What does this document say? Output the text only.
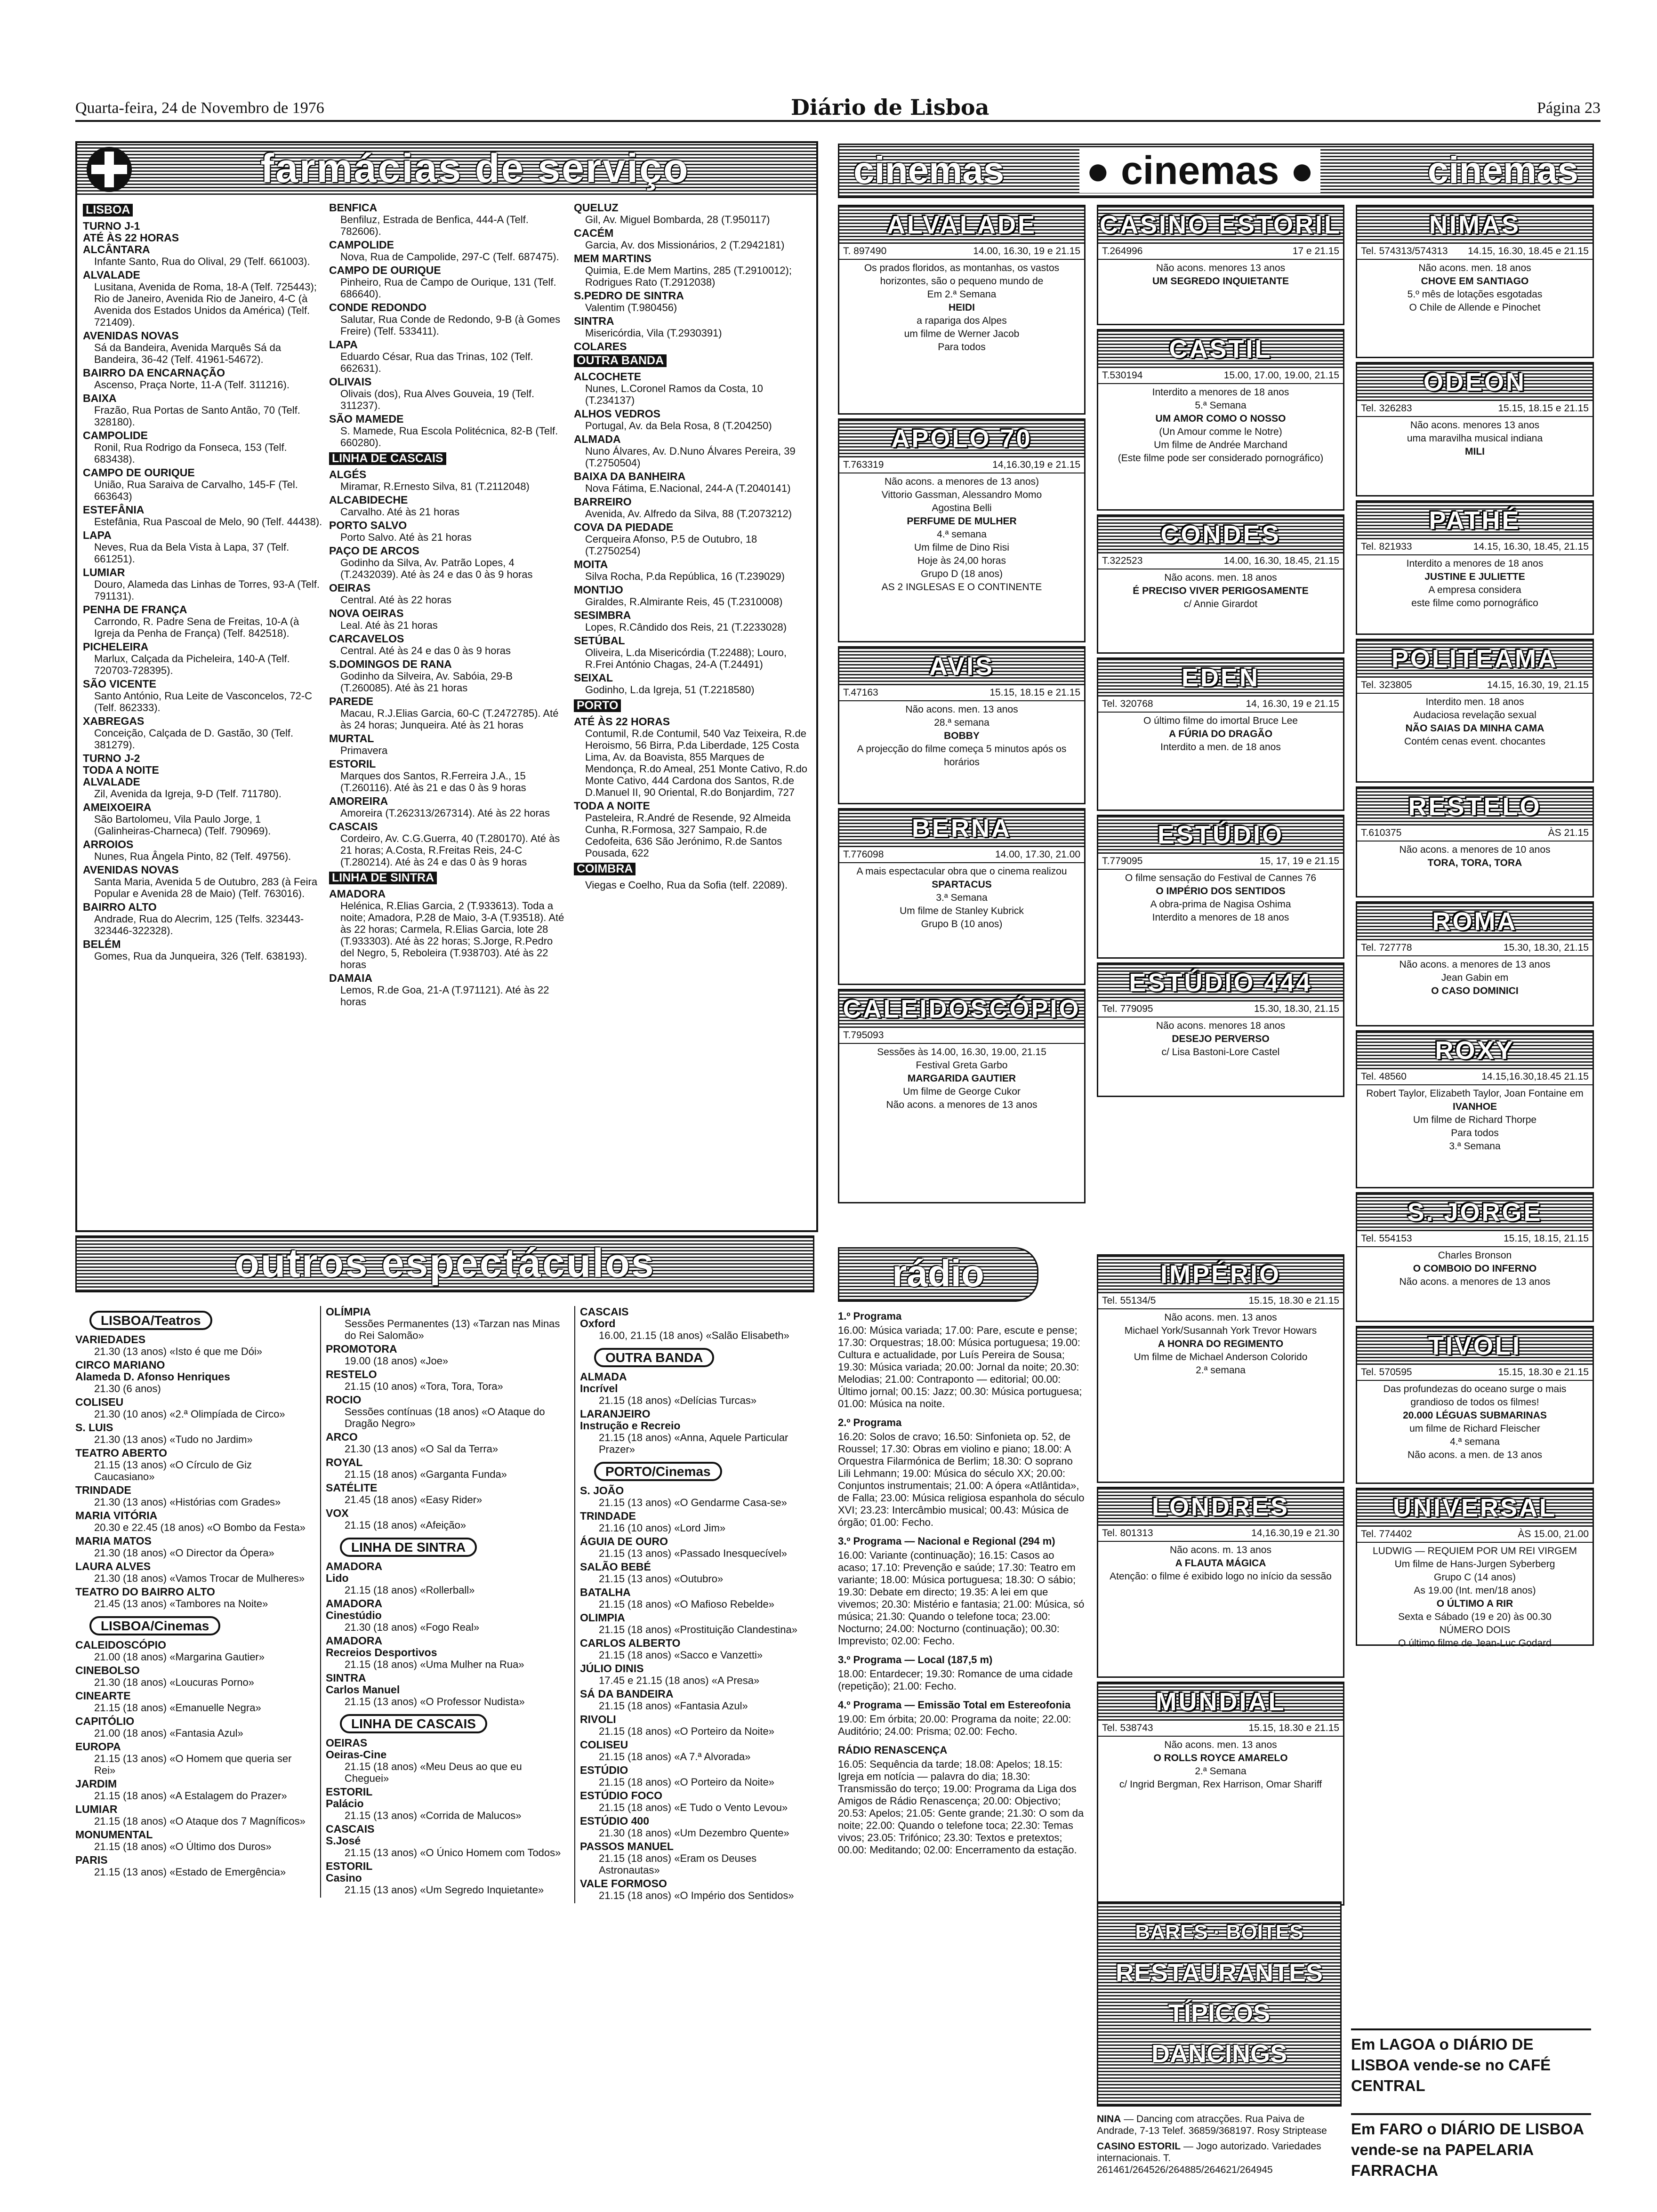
Quarta-feira, 24 de Novembro de 1976	Diário de Lisboa	Página 23
farmácias de serviço
LISBOA
TURNO J-1
ATÉ ÀS 22 HORAS
ALCÂNTARA
Infante Santo, Rua do Olival, 29 (Telf. 661003).
ALVALADE
Lusitana, Avenida de Roma, 18-A (Telf. 725443); Rio de Janeiro, Avenida Rio de Janeiro, 4-C (à Avenida dos Estados Unidos da América) (Telf. 721409).
AVENIDAS NOVAS
Sá da Bandeira, Avenida Marquês Sá da Bandeira, 36-42 (Telf. 41961-54672).
BAIRRO DA ENCARNAÇÃO
Ascenso, Praça Norte, 11-A (Telf. 311216).
BAIXA
Frazão, Rua Portas de Santo Antão, 70 (Telf. 328180).
CAMPOLIDE
Ronil, Rua Rodrigo da Fonseca, 153 (Telf. 683438).
CAMPO DE OURIQUE
União, Rua Saraiva de Carvalho, 145-F (Tel. 663643)
ESTEFÂNIA
Estefânia, Rua Pascoal de Melo, 90 (Telf. 44438).
LAPA
Neves, Rua da Bela Vista à Lapa, 37 (Telf. 661251).
LUMIAR
Douro, Alameda das Linhas de Torres, 93-A (Telf. 791131).
PENHA DE FRANÇA
Carrondo, R. Padre Sena de Freitas, 10-A (à Igreja da Penha de França) (Telf. 842518).
PICHELEIRA
Marlux, Calçada da Picheleira, 140-A (Telf. 720703-728395).
SÃO VICENTE
Santo António, Rua Leite de Vasconcelos, 72-C (Telf. 862333).
XABREGAS
Conceição, Calçada de D. Gastão, 30 (Telf. 381279).
TURNO J-2
TODA A NOITE
ALVALADE
Zil, Avenida da Igreja, 9-D (Telf. 711780).
AMEIXOEIRA
São Bartolomeu, Vila Paulo Jorge, 1 (Galinheiras-Charneca) (Telf. 790969).
ARROIOS
Nunes, Rua Ângela Pinto, 82 (Telf. 49756).
AVENIDAS NOVAS
Santa Maria, Avenida 5 de Outubro, 283 (à Feira Popular e Avenida 28 de Maio) (Telf. 763016).
BAIRRO ALTO
Andrade, Rua do Alecrim, 125 (Telfs. 323443-323446-322328).
BELÉM
Gomes, Rua da Junqueira, 326 (Telf. 638193).
BENFICA
Benfiluz, Estrada de Benfica, 444-A (Telf. 782606).
CAMPOLIDE
Nova, Rua de Campolide, 297-C (Telf. 687475).
CAMPO DE OURIQUE
Pinheiro, Rua de Campo de Ourique, 131 (Telf. 686640).
CONDE REDONDO
Salutar, Rua Conde de Redondo, 9-B (à Gomes Freire) (Telf. 533411).
LAPA
Eduardo César, Rua das Trinas, 102 (Telf. 662631).
OLIVAIS
Olivais (dos), Rua Alves Gouveia, 19 (Telf. 311237).
SÃO MAMEDE
S. Mamede, Rua Escola Politécnica, 82-B (Telf. 660280).
LINHA DE CASCAIS
ALGÉS
Miramar, R.Ernesto Silva, 81 (T.2112048)
ALCABIDECHE
Carvalho. Até às 21 horas
PORTO SALVO
Porto Salvo. Até às 21 horas
PAÇO DE ARCOS
Godinho da Silva, Av. Patrão Lopes, 4 (T.2432039). Até às 24 e das 0 às 9 horas
OEIRAS
Central. Até às 22 horas
NOVA OEIRAS
Leal. Até às 21 horas
CARCAVELOS
Central. Até às 24 e das 0 às 9 horas
S.DOMINGOS DE RANA
Godinho da Silveira, Av. Sabóia, 29-B (T.260085). Até às 21 horas
PAREDE
Macau, R.J.Elias Garcia, 60-C (T.2472785). Até às 24 horas; Junqueira. Até às 21 horas
MURTAL
Primavera
ESTORIL
Marques dos Santos, R.Ferreira J.A., 15 (T.260116). Até às 21 e das 0 às 9 horas
AMOREIRA
Amoreira (T.262313/267314). Até às 22 horas
CASCAIS
Cordeiro, Av. C.G.Guerra, 40 (T.280170). Até às 21 horas; A.Costa, R.Freitas Reis, 24-C (T.280214). Até às 24 e das 0 às 9 horas
LINHA DE SINTRA
AMADORA
Helénica, R.Elias Garcia, 2 (T.933613). Toda a noite; Amadora, P.28 de Maio, 3-A (T.93518). Até às 22 horas; Carmela, R.Elias Garcia, lote 28 (T.933303). Até às 22 horas; S.Jorge, R.Pedro del Negro, 5, Reboleira (T.938703). Até às 22 horas
DAMAIA
Lemos, R.de Goa, 21-A (T.971121). Até às 22 horas
QUELUZ
Gil, Av. Miguel Bombarda, 28 (T.950117)
CACÉM
Garcia, Av. dos Missionários, 2 (T.2942181)
MEM MARTINS
Quimia, E.de Mem Martins, 285 (T.2910012); Rodrigues Rato (T.2912038)
S.PEDRO DE SINTRA
Valentim (T.980456)
SINTRA
Misericórdia, Vila (T.2930391)
COLARES
OUTRA BANDA
ALCOCHETE
Nunes, L.Coronel Ramos da Costa, 10 (T.234137)
ALHOS VEDROS
Portugal, Av. da Bela Rosa, 8 (T.204250)
ALMADA
Nuno Álvares, Av. D.Nuno Álvares Pereira, 39 (T.2750504)
BAIXA DA BANHEIRA
Nova Fátima, E.Nacional, 244-A (T.2040141)
BARREIRO
Avenida, Av. Alfredo da Silva, 88 (T.2073212)
COVA DA PIEDADE
Cerqueira Afonso, P.5 de Outubro, 18 (T.2750254)
MOITA
Silva Rocha, P.da República, 16 (T.239029)
MONTIJO
Giraldes, R.Almirante Reis, 45 (T.2310008)
SESIMBRA
Lopes, R.Cândido dos Reis, 21 (T.2233028)
SETÚBAL
Oliveira, L.da Misericórdia (T.22488); Louro, R.Frei António Chagas, 24-A (T.24491)
SEIXAL
Godinho, L.da Igreja, 51 (T.2218580)
PORTO
ATÉ ÀS 22 HORAS
Contumil, R.de Contumil, 540 Vaz Teixeira, R.de Heroismo, 56 Birra, P.da Liberdade, 125 Costa Lima, Av. da Boavista, 855 Marques de Mendonça, R.do Ameal, 251 Monte Cativo, R.do Monte Cativo, 444 Cardona dos Santos, R.de D.Manuel II, 90 Oriental, R.do Bonjardim, 727
TODA A NOITE
Pasteleira, R.André de Resende, 92 Almeida Cunha, R.Formosa, 327 Sampaio, R.de Cedofeita, 636 São Jerónimo, R.de Santos Pousada, 622
COIMBRA
Viegas e Coelho, Rua da Sofia (telf. 22089).
outros espectáculos
LISBOA/Teatros
VARIEDADES
21.30 (13 anos) «Isto é que me Dói»
CIRCO MARIANO
Alameda D. Afonso Henriques
21.30 (6 anos)
COLISEU
21.30 (10 anos) «2.ª Olimpíada de Circo»
S. LUIS
21.30 (13 anos) «Tudo no Jardim»
TEATRO ABERTO
21.15 (13 anos) «O Círculo de Giz Caucasiano»
TRINDADE
21.30 (13 anos) «Histórias com Grades»
MARIA VITÓRIA
20.30 e 22.45 (18 anos) «O Bombo da Festa»
MARIA MATOS
21.30 (18 anos) «O Director da Ópera»
LAURA ALVES
21.30 (18 anos) «Vamos Trocar de Mulheres»
TEATRO DO BAIRRO ALTO
21.45 (13 anos) «Tambores na Noite»
LISBOA/Cinemas
CALEIDOSCÓPIO
21.00 (18 anos) «Margarina Gautier»
CINEBOLSO
21.30 (18 anos) «Loucuras Porno»
CINEARTE
21.15 (18 anos) «Emanuelle Negra»
CAPITÓLIO
21.00 (18 anos) «Fantasia Azul»
EUROPA
21.15 (13 anos) «O Homem que queria ser Rei»
JARDIM
21.15 (18 anos) «A Estalagem do Prazer»
LUMIAR
21.15 (18 anos) «O Ataque dos 7 Magníficos»
MONUMENTAL
21.15 (18 anos) «O Último dos Duros»
PARIS
21.15 (13 anos) «Estado de Emergência»
OLÍMPIA
Sessões Permanentes (13) «Tarzan nas Minas do Rei Salomão»
PROMOTORA
19.00 (18 anos) «Joe»
RESTELO
21.15 (10 anos) «Tora, Tora, Tora»
ROCIO
Sessões contínuas (18 anos) «O Ataque do Dragão Negro»
ARCO
21.30 (13 anos) «O Sal da Terra»
ROYAL
21.15 (18 anos) «Garganta Funda»
SATÉLITE
21.45 (18 anos) «Easy Rider»
VOX
21.15 (18 anos) «Afeição»
LINHA DE SINTRA
AMADORA
Lido
21.15 (18 anos) «Rollerball»
AMADORA
Cinestúdio
21.30 (18 anos) «Fogo Real»
AMADORA
Recreios Desportivos
21.15 (18 anos) «Uma Mulher na Rua»
SINTRA
Carlos Manuel
21.15 (13 anos) «O Professor Nudista»
LINHA DE CASCAIS
OEIRAS
Oeiras-Cine
21.15 (18 anos) «Meu Deus ao que eu Cheguei»
ESTORIL
Palácio
21.15 (13 anos) «Corrida de Malucos»
CASCAIS
S.José
21.15 (13 anos) «O Único Homem com Todos»
ESTORIL
Casino
21.15 (13 anos) «Um Segredo Inquietante»
CASCAIS
Oxford
16.00, 21.15 (18 anos) «Salão Elisabeth»
OUTRA BANDA
ALMADA
Incrível
21.15 (18 anos) «Delícias Turcas»
LARANJEIRO
Instrução e Recreio
21.15 (18 anos) «Anna, Aquele Particular Prazer»
PORTO/Cinemas
S. JOÃO
21.15 (13 anos) «O Gendarme Casa-se»
TRINDADE
21.16 (10 anos) «Lord Jim»
ÁGUIA DE OURO
21.15 (13 anos) «Passado Inesquecível»
SALÃO BEBÉ
21.15 (13 anos) «Outubro»
BATALHA
21.15 (18 anos) «O Mafioso Rebelde»
OLIMPIA
21.15 (18 anos) «Prostituição Clandestina»
CARLOS ALBERTO
21.15 (18 anos) «Sacco e Vanzetti»
JÚLIO DINIS
17.45 e 21.15 (18 anos) «A Presa»
SÁ DA BANDEIRA
21.15 (18 anos) «Fantasia Azul»
RIVOLI
21.15 (18 anos) «O Porteiro da Noite»
COLISEU
21.15 (18 anos) «A 7.ª Alvorada»
ESTÚDIO
21.15 (18 anos) «O Porteiro da Noite»
ESTÚDIO FOCO
21.15 (18 anos) «E Tudo o Vento Levou»
ESTÚDIO 400
21.30 (18 anos) «Um Dezembro Quente»
PASSOS MANUEL
21.15 (18 anos) «Eram os Deuses Astronautas»
VALE FORMOSO
21.15 (18 anos) «O Império dos Sentidos»
cinemas ● cinemas ●	cinemas
ALVALADE
T. 897490	14.00, 16.30, 19 e 21.15
Os prados floridos, as montanhas, os vastos horizontes, são o pequeno mundo de
Em 2.ª Semana
HEIDI
a rapariga dos Alpes
um filme de Werner Jacob
Para todos
APOLO 70
T.763319	14,16.30,19 e 21.15
Não acons. a menores de 13 anos)
Vittorio Gassman, Alessandro Momo
Agostina Belli
PERFUME DE MULHER
4.ª semana
Um filme de Dino Risi
Hoje às 24,00 horas
Grupo D (18 anos)
AS 2 INGLESAS E O CONTINENTE
AVIS
T.47163	15.15, 18.15 e 21.15
Não acons. men. 13 anos
28.ª semana
BOBBY
A projecção do filme começa 5 minutos após os horários
BERNA
T.776098	14.00, 17.30, 21.00
A mais espectacular obra que o cinema realizou
SPARTACUS
3.ª Semana
Um filme de Stanley Kubrick
Grupo B (10 anos)
CALEIDOSCÓPIO
T.795093
Sessões às 14.00, 16.30, 19.00, 21.15
Festival Greta Garbo
MARGARIDA GAUTIER
Um filme de George Cukor
Não acons. a menores de 13 anos
CASINO ESTORIL
T.264996	17 e 21.15
Não acons. menores 13 anos
UM SEGREDO INQUIETANTE
CASTIL
T.530194	15.00, 17.00, 19.00, 21.15
Interdito a menores de 18 anos
5.ª Semana
UM AMOR COMO O NOSSO
(Un Amour comme le Notre)
Um filme de Andrée Marchand
(Este filme pode ser considerado pornográfico)
CONDES
T.322523	14.00, 16.30, 18.45, 21.15
Não acons. men. 18 anos
É PRECISO VIVER PERIGOSAMENTE
c/ Annie Girardot
EDEN
Tel. 320768	14, 16.30, 19 e 21.15
O último filme do imortal Bruce Lee
A FÚRIA DO DRAGÃO
Interdito a men. de 18 anos
ESTÚDIO
T.779095	15, 17, 19 e 21.15
O filme sensação do Festival de Cannes 76
O IMPÉRIO DOS SENTIDOS
A obra-prima de Nagisa Oshima
Interdito a menores de 18 anos
ESTÚDIO 444
Tel. 779095	15.30, 18.30, 21.15
Não acons. menores 18 anos
DESEJO PERVERSO
c/ Lisa Bastoni-Lore Castel
NIMAS
Tel. 574313/574313 14.15, 16.30, 18.45 e 21.15
Não acons. men. 18 anos
CHOVE EM SANTIAGO
5.º mês de lotações esgotadas
O Chile de Allende e Pinochet
ODEON
Tel. 326283	15.15, 18.15 e 21.15
Não acons. menores 13 anos
uma maravilha musical indiana
MILI
PATHÉ
Tel. 821933	14.15, 16.30, 18.45, 21.15
Interdito a menores de 18 anos
JUSTINE E JULIETTE
A empresa considera
este filme como pornográfico
POLITEAMA
Tel. 323805	14.15, 16.30, 19, 21.15
Interdito men. 18 anos
Audaciosa revelação sexual
NÃO SAIAS DA MINHA CAMA
Contém cenas event. chocantes
RESTELO
T.610375	ÀS 21.15
Não acons. a menores de 10 anos
TORA, TORA, TORA
ROMA
Tel. 727778	15.30, 18.30, 21.15
Não acons. a menores de 13 anos
Jean Gabin em
O CASO DOMINICI
ROXY
Tel. 48560	14.15,16.30,18.45 21.15
Robert Taylor, Elizabeth Taylor, Joan Fontaine em
IVANHOE
Um filme de Richard Thorpe
Para todos
3.ª Semana
S. JORGE
Tel. 554153	15.15, 18.15, 21.15
Charles Bronson
O COMBOIO DO INFERNO
Não acons. a menores de 13 anos
TIVOLI
Tel. 570595	15.15, 18.30 e 21.15
Das profundezas do oceano surge o mais grandioso de todos os filmes!
20.000 LÉGUAS SUBMARINAS
um filme de Richard Fleischer
4.ª semana
Não acons. a men. de 13 anos
UNIVERSAL
Tel. 774402	ÀS 15.00, 21.00
LUDWIG — REQUIEM POR UM REI VIRGEM
Um filme de Hans-Jurgen Syberberg
Grupo C (14 anos)
As 19.00 (Int. men/18 anos)
O ÚLTIMO A RIR
Sexta e Sábado (19 e 20) às 00.30
NÚMERO DOIS
O último filme de Jean-Luc Godard
IMPÉRIO
Tel. 55134/5	15.15, 18.30 e 21.15
Não acons. men. 13 anos
Michael York/Susannah York Trevor Howars
A HONRA DO REGIMENTO
Um filme de Michael Anderson Colorido
2.ª semana
LONDRES
Tel. 801313	14,16.30,19 e 21.30
Não acons. m. 13 anos
A FLAUTA MÁGICA
Atenção: o filme é exibido logo no início da sessão
MUNDIAL
Tel. 538743	15.15, 18.30 e 21.15
Não acons. men. 13 anos
O ROLLS ROYCE AMARELO
2.ª Semana
c/ Ingrid Bergman, Rex Harrison, Omar Shariff
rádio
1.º Programa

16.00: Música variada; 17.00: Pare, escute e pense; 17.30: Orquestras; 18.00: Música portuguesa; 19.00: Cultura e actualidade, por Luís Pereira de Sousa; 19.30: Música variada; 20.00: Jornal da noite; 20.30: Melodias; 21.00: Contraponto — editorial; 00.00: Último jornal; 00.15: Jazz; 00.30: Música portuguesa; 01.00: Música na noite.

2.º Programa

16.20: Solos de cravo; 16.50: Sinfonieta op. 52, de Roussel; 17.30: Obras em violino e piano; 18.00: A Orquestra Filarmónica de Berlim; 18.30: O soprano Lili Lehmann; 19.00: Música do século XX; 20.00: Conjuntos instrumentais; 21.00: A ópera «Atlântida», de Falla; 23.00: Música religiosa espanhola do século XVI; 23.23: Intercâmbio musical; 00.43: Música de órgão; 01.00: Fecho.

3.º Programa — Nacional e Regional (294 m)

16.00: Variante (continuação); 16.15: Casos ao acaso; 17.10: Prevenção e saúde; 17.30: Teatro em variante; 18.00: Música portuguesa; 18.30: O sábio; 19.30: Debate em directo; 19.35: A lei em que vivemos; 20.30: Mistério e fantasia; 21.00: Música, só música; 21.30: Quando o telefone toca; 23.00: Nocturno; 24.00: Nocturno (continuação); 00.30: Imprevisto; 02.00: Fecho.

3.º Programa — Local (187,5 m)

18.00: Entardecer; 19.30: Romance de uma cidade (repetição); 21.00: Fecho.

4.º Programa — Emissão Total em Estereofonia

19.00: Em órbita; 20.00: Programa da noite; 22.00: Auditório; 24.00: Prisma; 02.00: Fecho.

RÁDIO RENASCENÇA

16.05: Sequência da tarde; 18.08: Apelos; 18.15: Igreja em notícia — palavra do dia; 18.30: Transmissão do terço; 19.00: Programa da Liga dos Amigos de Rádio Renascença; 20.00: Objectivo; 20.53: Apelos; 21.05: Gente grande; 21.30: O som da noite; 22.00: Quando o telefone toca; 22.30: Temas vivos; 23.05: Trifónico; 23.30: Textos e pretextos; 00.00: Meditando; 02.00: Encerramento da estação.

BARES · BOITES
RESTAURANTES
TÍPICOS
DANCINGS
NINA — Dancing com atracções. Rua Paiva de Andrade, 7-13 Telef. 36859/368197. Rosy Striptease
CASINO ESTORIL — Jogo autorizado. Variedades internacionais. T. 261461/264526/264885/264621/264945
Em LAGOA o DIÁRIO DE LISBOA vende-se no CAFÉ CENTRAL
Em FARO o DIÁRIO DE LISBOA vende-se na PAPELARIA FARRACHA
